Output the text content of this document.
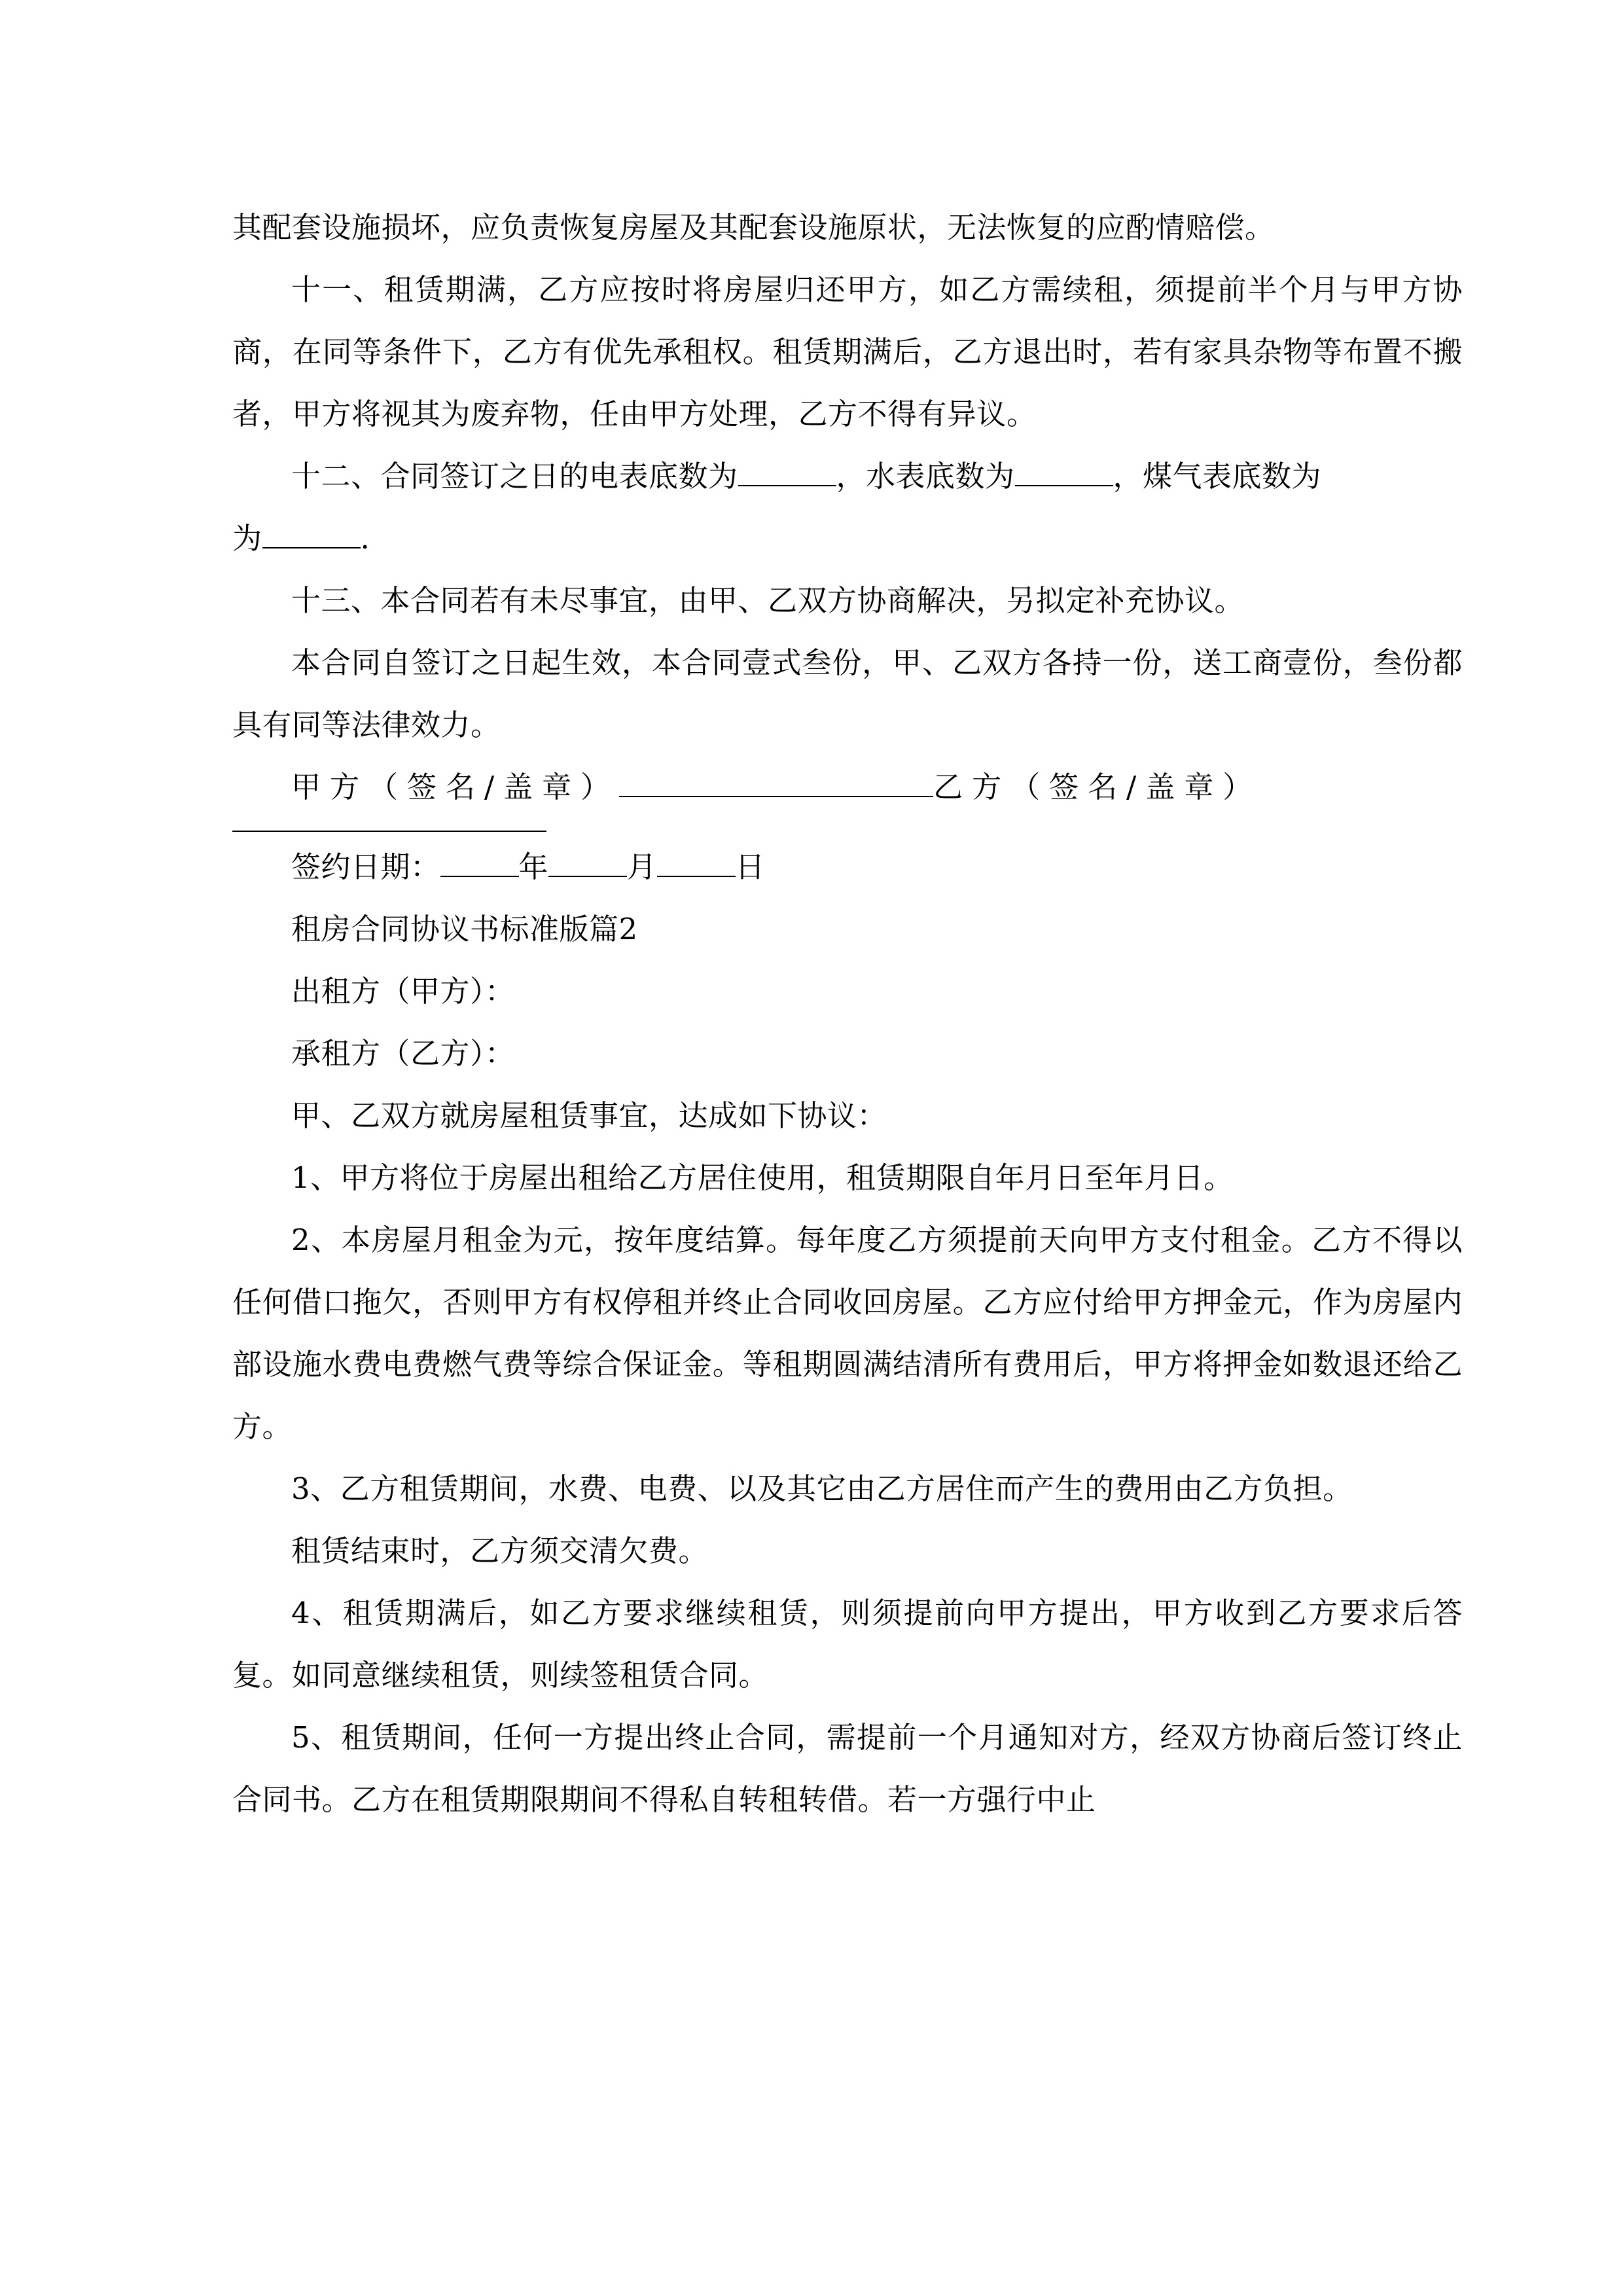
其配套设施损坏，应负责恢复房屋及其配套设施原状，无法恢复的应酌情赔偿。

十一、租赁期满，乙方应按时将房屋归还甲方，如乙方需续租，须提前半个月与甲方协商，在同等条件下，乙方有优先承租权。租赁期满后，乙方退出时，若有家具杂物等布置不搬者，甲方将视其为废弃物，任由甲方处理，乙方不得有异议。

十二、合同签订之日的电表底数为	，水表底数为	，煤气表底数为

为	.

十三、本合同若有未尽事宜，由甲、乙双方协商解决，另拟定补充协议。

本合同自签订之日起生效，本合同壹式叁份，甲、乙双方各持一份，送工商壹份，叁份都具有同等法律效力。

甲方（签名/盖章）	乙方（签名/盖章）

签约日期：	年	月	日

租房合同协议书标准版篇2

出租方（甲方）：

承租方（乙方）：

甲、乙双方就房屋租赁事宜，达成如下协议：

1、甲方将位于房屋出租给乙方居住使用，租赁期限自年月日至年月日。

2、本房屋月租金为元，按年度结算。每年度乙方须提前天向甲方支付租金。乙方不得以任何借口拖欠，否则甲方有权停租并终止合同收回房屋。乙方应付给甲方押金元，作为房屋内部设施水费电费燃气费等综合保证金。等租期圆满结清所有费用后，甲方将押金如数退还给乙方。

3、乙方租赁期间，水费、电费、以及其它由乙方居住而产生的费用由乙方负担。

租赁结束时，乙方须交清欠费。

4、租赁期满后，如乙方要求继续租赁，则须提前向甲方提出，甲方收到乙方要求后答复。如同意继续租赁，则续签租赁合同。

5、租赁期间，任何一方提出终止合同，需提前一个月通知对方，经双方协商后签订终止合同书。乙方在租赁期限期间不得私自转租转借。若一方强行中止
